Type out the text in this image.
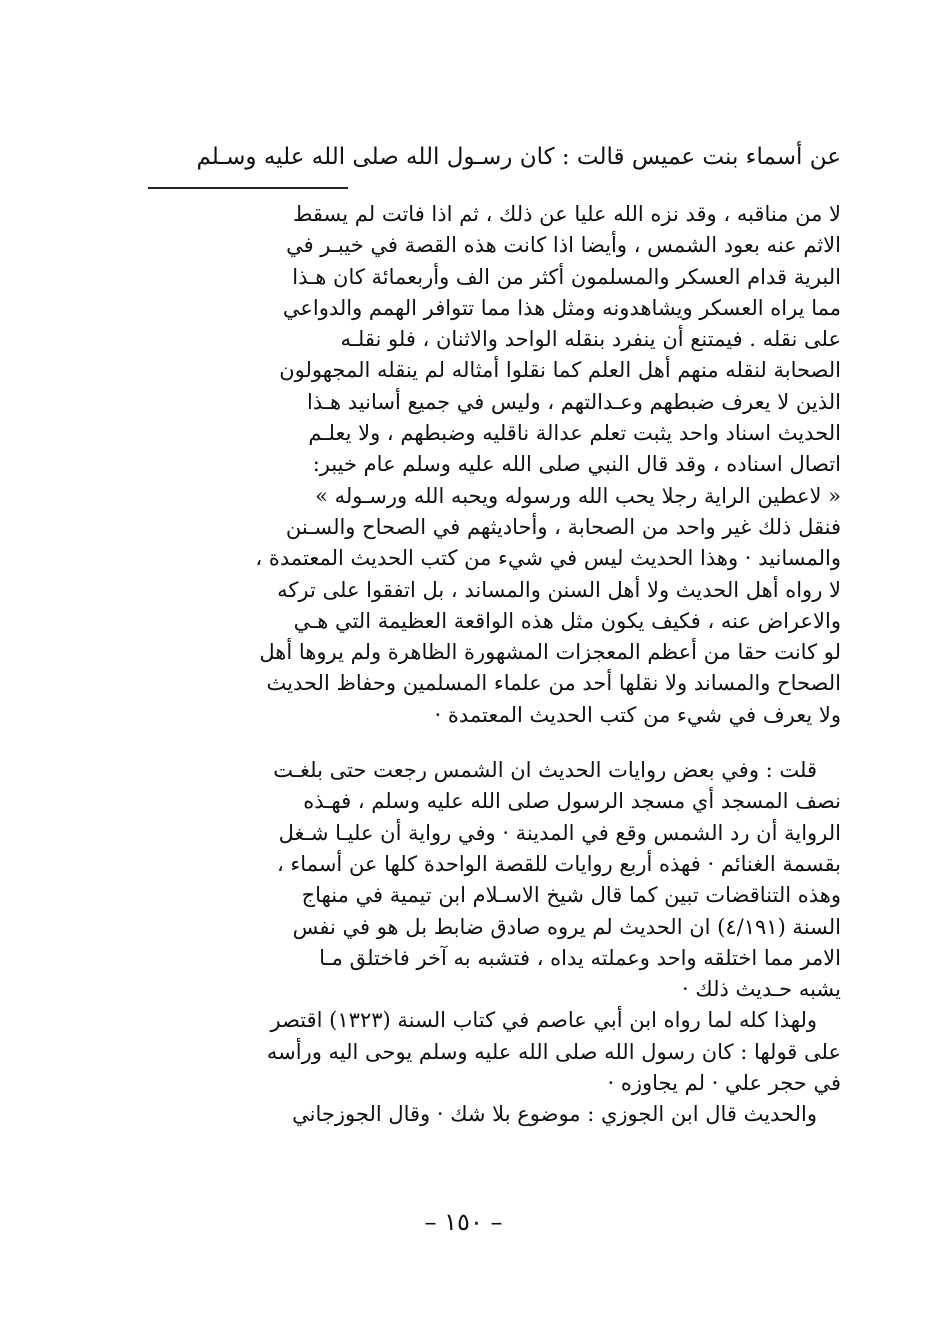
عن أسماء بنت عميس قالت : كان رسـول الله صلى الله عليه وسـلم
لا من مناقبه ، وقد نزه الله عليا عن ذلك ، ثم اذا فاتت لم يسقط
الاثم عنه بعود الشمس ، وأيضا اذا كانت هذه القصة في خيبـر في
البرية قدام العسكر والمسلمون أكثر من الف وأربعمائة كان هـذا
مما يراه العسكر ويشاهدونه ومثل هذا مما تتوافر الهمم والدواعي
على نقله . فيمتنع أن ينفرد بنقله الواحد والاثنان ، فلو نقلـه
الصحابة لنقله منهم أهل العلم كما نقلوا أمثاله لم ينقله المجهولون
الذين لا يعرف ضبطهم وعـدالتهم ، وليس في جميع أسانيد هـذا
الحديث اسناد واحد يثبت تعلم عدالة ناقليه وضبطهم ، ولا يعلـم
اتصال اسناده ، وقد قال النبي صلى الله عليه وسلم عام خيبر:
« لاعطين الراية رجلا يحب الله ورسوله ويحبه الله ورسـوله »
فنقل ذلك غير واحد من الصحابة ، وأحاديثهم في الصحاح والسـنن
والمسانيد · وهذا الحديث ليس في شيء من كتب الحديث المعتمدة ،
لا رواه أهل الحديث ولا أهل السنن والمساند ، بل اتفقوا على تركه
والاعراض عنه ، فكيف يكون مثل هذه الواقعة العظيمة التي هـي
لو كانت حقا من أعظم المعجزات المشهورة الظاهرة ولم يروها أهل
الصحاح والمساند ولا نقلها أحد من علماء المسلمين وحفاظ الحديث
ولا يعرف في شيء من كتب الحديث المعتمدة ·
قلت : وفي بعض روايات الحديث ان الشمس رجعت حتى بلغـت
نصف المسجد أي مسجد الرسول صلى الله عليه وسلم ، فهـذه
الرواية أن رد الشمس وقع في المدينة · وفي رواية أن عليـا شـغل
بقسمة الغنائم · فهذه أربع روايات للقصة الواحدة كلها عن أسماء ،
وهذه التناقضات تبين كما قال شيخ الاسـلام ابن تيمية في منهاج
السنة (٤/١٩١) ان الحديث لم يروه صادق ضابط بل هو في نفس
الامر مما اختلقه واحد وعملته يداه ، فتشبه به آخر فاختلق مـا
يشبه حـديث ذلك ·
ولهذا كله لما رواه ابن أبي عاصم في كتاب السنة (١٣٢٣) اقتصر
على قولها : كان رسول الله صلى الله عليه وسلم يوحى اليه ورأسه
في حجر علي · لم يجاوزه ·
والحديث قال ابن الجوزي : موضوع بلا شك · وقال الجوزجاني
– ١٥٠ –
